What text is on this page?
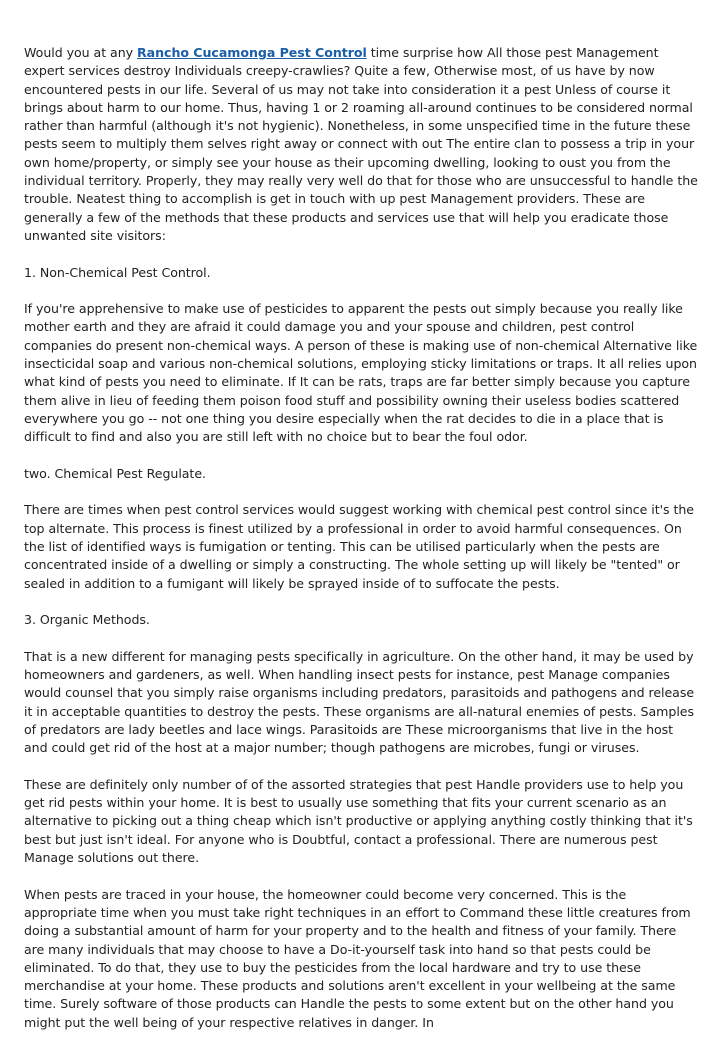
Would you at any Rancho Cucamonga Pest Control time surprise how All those pest Management expert services destroy Individuals creepy-crawlies? Quite a few, Otherwise most, of us have by now encountered pests in our life. Several of us may not take into consideration it a pest Unless of course it brings about harm to our home. Thus, having 1 or 2 roaming all-around continues to be considered normal rather than harmful (although it's not hygienic). Nonetheless, in some unspecified time in the future these pests seem to multiply them selves right away or connect with out The entire clan to possess a trip in your own home/property, or simply see your house as their upcoming dwelling, looking to oust you from the individual territory. Properly, they may really very well do that for those who are unsuccessful to handle the trouble. Neatest thing to accomplish is get in touch with up pest Management providers. These are generally a few of the methods that these products and services use that will help you eradicate those unwanted site visitors:

1. Non-Chemical Pest Control.

If you're apprehensive to make use of pesticides to apparent the pests out simply because you really like mother earth and they are afraid it could damage you and your spouse and children, pest control companies do present non-chemical ways. A person of these is making use of non-chemical Alternative like insecticidal soap and various non-chemical solutions, employing sticky limitations or traps. It all relies upon what kind of pests you need to eliminate. If It can be rats, traps are far better simply because you capture them alive in lieu of feeding them poison food stuff and possibility owning their useless bodies scattered everywhere you go -- not one thing you desire especially when the rat decides to die in a place that is difficult to find and also you are still left with no choice but to bear the foul odor.

two. Chemical Pest Regulate.

There are times when pest control services would suggest working with chemical pest control since it's the top alternate. This process is finest utilized by a professional in order to avoid harmful consequences. On the list of identified ways is fumigation or tenting. This can be utilised particularly when the pests are concentrated inside of a dwelling or simply a constructing. The whole setting up will likely be "tented" or sealed in addition to a fumigant will likely be sprayed inside of to suffocate the pests.

3. Organic Methods.

That is a new different for managing pests specifically in agriculture. On the other hand, it may be used by homeowners and gardeners, as well. When handling insect pests for instance, pest Manage companies would counsel that you simply raise organisms including predators, parasitoids and pathogens and release it in acceptable quantities to destroy the pests. These organisms are all-natural enemies of pests. Samples of predators are lady beetles and lace wings. Parasitoids are These microorganisms that live in the host and could get rid of the host at a major number; though pathogens are microbes, fungi or viruses.

These are definitely only number of of the assorted strategies that pest Handle providers use to help you get rid pests within your home. It is best to usually use something that fits your current scenario as an alternative to picking out a thing cheap which isn't productive or applying anything costly thinking that it's best but just isn't ideal. For anyone who is Doubtful, contact a professional. There are numerous pest Manage solutions out there.

When pests are traced in your house, the homeowner could become very concerned. This is the appropriate time when you must take right techniques in an effort to Command these little creatures from doing a substantial amount of harm for your property and to the health and fitness of your family. There are many individuals that may choose to have a Do-it-yourself task into hand so that pests could be eliminated. To do that, they use to buy the pesticides from the local hardware and try to use these merchandise at your home. These products and solutions aren't excellent in your wellbeing at the same time. Surely software of those products can Handle the pests to some extent but on the other hand you might put the well being of your respective relatives in danger. In
